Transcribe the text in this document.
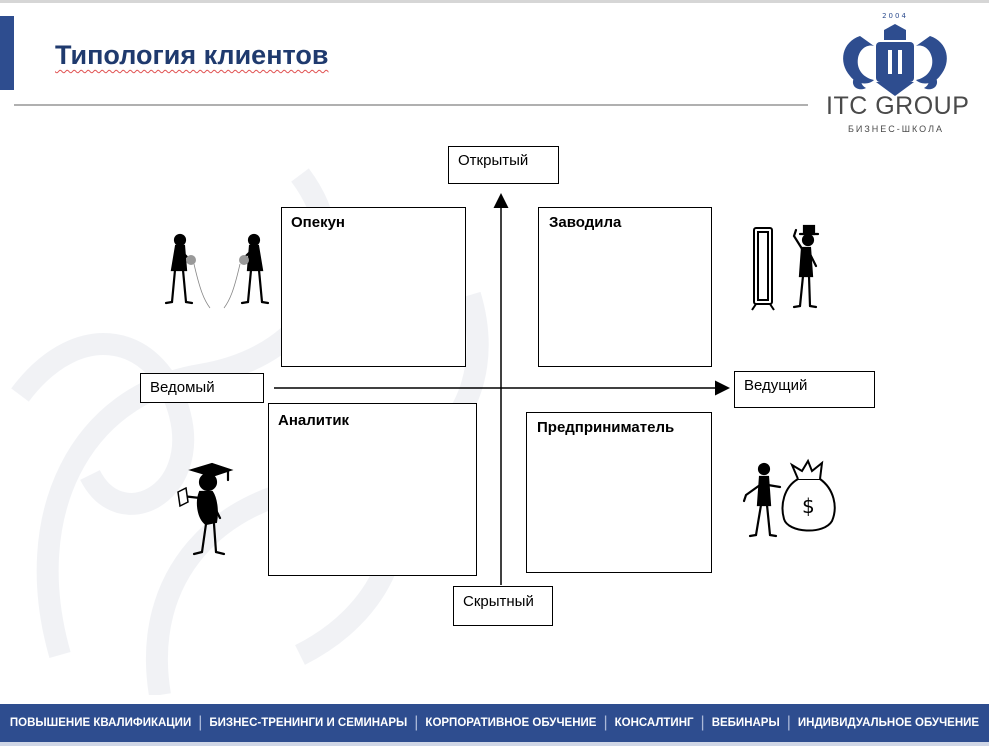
Типология клиентов
2004
ITC GROUP
БИЗНЕС-ШКОЛА
Опекун	Заводила
Аналитик	Предприниматель
Открытый
Скрытный
Ведомый	Ведущий
$
ПОВЫШЕНИЕ КВАЛИФИКАЦИИ | БИЗНЕС-ТРЕНИНГИ И СЕМИНАРЫ | КОРПОРАТИВНОЕ ОБУЧЕНИЕ | КОНСАЛТИНГ | ВЕБИНАРЫ | ИНДИВИДУАЛЬНОЕ ОБУЧЕНИЕ
